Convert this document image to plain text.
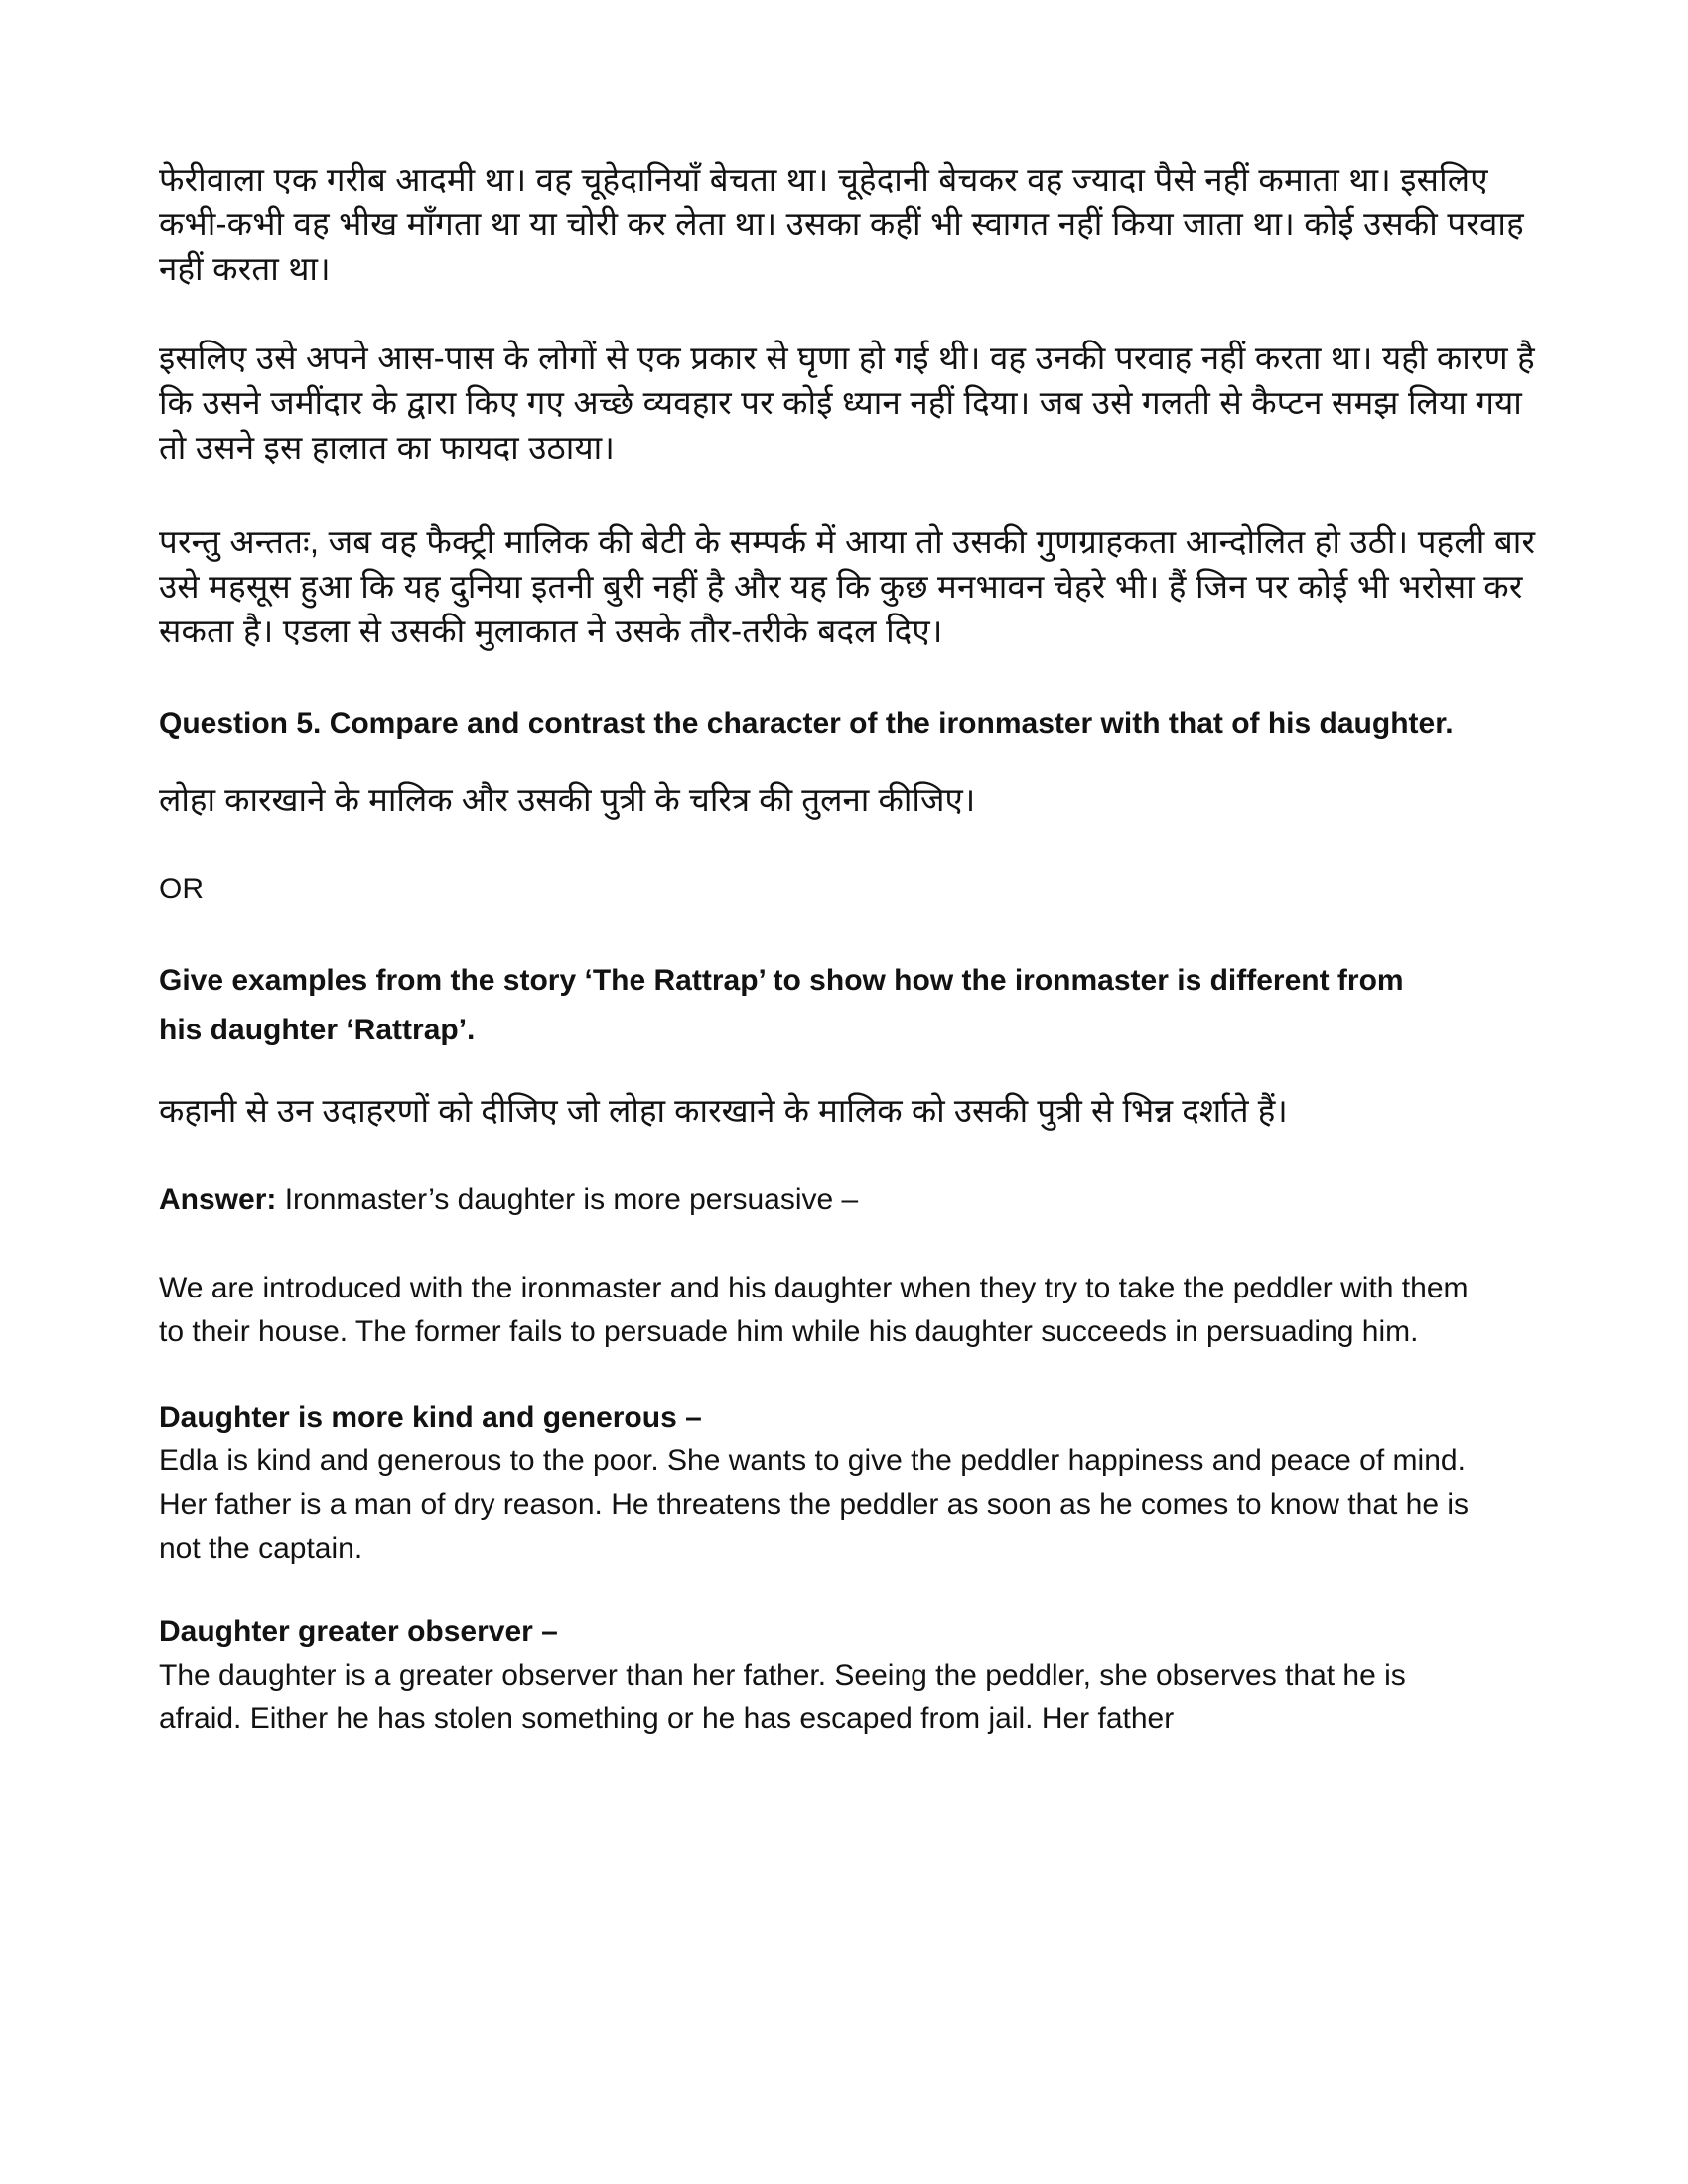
फेरीवाला एक गरीब आदमी था। वह चूहेदानियाँ बेचता था। चूहेदानी बेचकर वह ज्यादा पैसे नहीं कमाता था। इसलिए कभी-कभी वह भीख माँगता था या चोरी कर लेता था। उसका कहीं भी स्वागत नहीं किया जाता था। कोई उसकी परवाह नहीं करता था।

इसलिए उसे अपने आस-पास के लोगों से एक प्रकार से घृणा हो गई थी। वह उनकी परवाह नहीं करता था। यही कारण है कि उसने जमींदार के द्वारा किए गए अच्छे व्यवहार पर कोई ध्यान नहीं दिया। जब उसे गलती से कैप्टन समझ लिया गया तो उसने इस हालात का फायदा उठाया।

परन्तु अन्ततः, जब वह फैक्ट्री मालिक की बेटी के सम्पर्क में आया तो उसकी गुणग्राहकता आन्दोलित हो उठी। पहली बार उसे महसूस हुआ कि यह दुनिया इतनी बुरी नहीं है और यह कि कुछ मनभावन चेहरे भी। हैं जिन पर कोई भी भरोसा कर सकता है। एडला से उसकी मुलाकात ने उसके तौर-तरीके बदल दिए।

Question 5. Compare and contrast the character of the ironmaster with that of his daughter.

लोहा कारखाने के मालिक और उसकी पुत्री के चरित्र की तुलना कीजिए।

OR

Give examples from the story ‘The Rattrap’ to show how the ironmaster is different from his daughter ‘Rattrap’.

कहानी से उन उदाहरणों को दीजिए जो लोहा कारखाने के मालिक को उसकी पुत्री से भिन्न दर्शाते हैं।

Answer: Ironmaster’s daughter is more persuasive –

We are introduced with the ironmaster and his daughter when they try to take the peddler with them to their house. The former fails to persuade him while his daughter succeeds in persuading him.

Daughter is more kind and generous –
Edla is kind and generous to the poor. She wants to give the peddler happiness and peace of mind. Her father is a man of dry reason. He threatens the peddler as soon as he comes to know that he is not the captain.
Daughter greater observer –
The daughter is a greater observer than her father. Seeing the peddler, she observes that he is afraid. Either he has stolen something or he has escaped from jail. Her father
